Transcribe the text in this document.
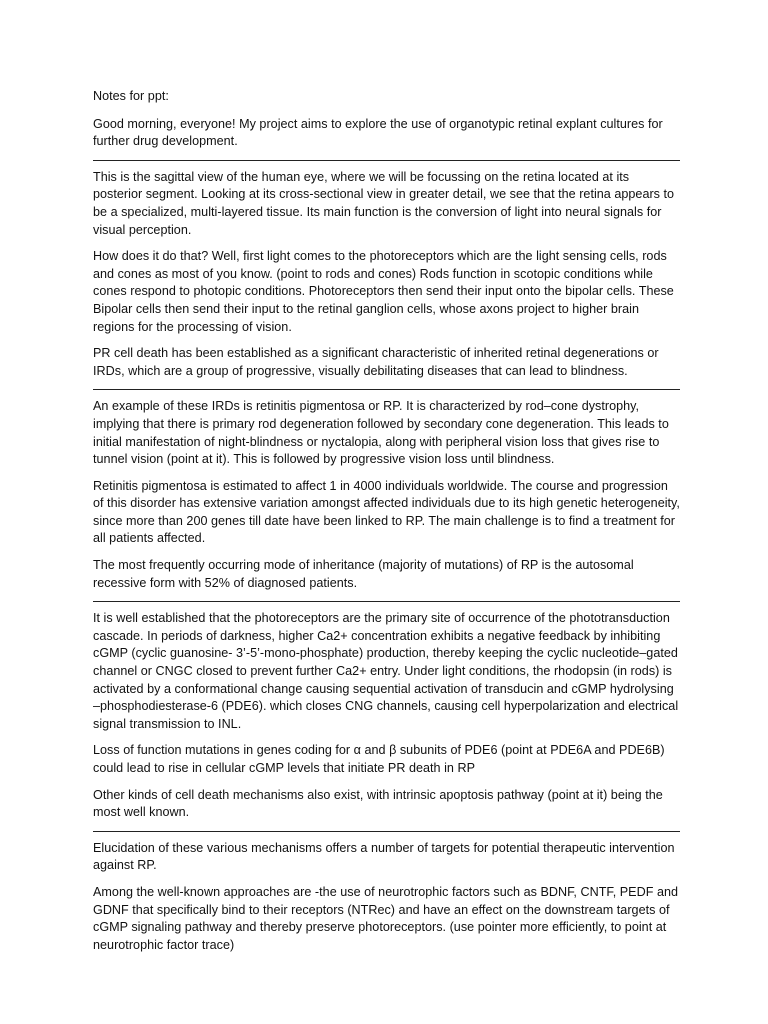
Notes for ppt:

Good morning, everyone! My project aims to explore the use of organotypic retinal explant cultures for further drug development.

This is the sagittal view of the human eye, where we will be focussing on the retina located at its posterior segment. Looking at its cross-sectional view in greater detail, we see that the retina appears to be a specialized, multi-layered tissue. Its main function is the conversion of light into neural signals for visual perception.

How does it do that? Well, first light comes to the photoreceptors which are the light sensing cells, rods and cones as most of you know. (point to rods and cones) Rods function in scotopic conditions while cones respond to photopic conditions. Photoreceptors then send their input onto the bipolar cells. These Bipolar cells then send their input to the retinal ganglion cells, whose axons project to higher brain regions for the processing of vision.

PR cell death has been established as a significant characteristic of inherited retinal degenerations or IRDs, which are a group of progressive, visually debilitating diseases that can lead to blindness.

An example of these IRDs is retinitis pigmentosa or RP. It is characterized by rod–cone dystrophy, implying that there is primary rod degeneration followed by secondary cone degeneration. This leads to initial manifestation of night-blindness or nyctalopia, along with peripheral vision loss that gives rise to tunnel vision (point at it). This is followed by progressive vision loss until blindness.

Retinitis pigmentosa is estimated to affect 1 in 4000 individuals worldwide. The course and progression of this disorder has extensive variation amongst affected individuals due to its high genetic heterogeneity, since more than 200 genes till date have been linked to RP. The main challenge is to find a treatment for all patients affected.

The most frequently occurring mode of inheritance (majority of mutations) of RP is the autosomal recessive form with 52% of diagnosed patients.

It is well established that the photoreceptors are the primary site of occurrence of the phototransduction cascade. In periods of darkness, higher Ca2+ concentration exhibits a negative feedback by inhibiting cGMP (cyclic guanosine- 3’-5’-mono-phosphate) production, thereby keeping the cyclic nucleotide–gated channel or CNGC closed to prevent further Ca2+ entry. Under light conditions, the rhodopsin (in rods) is activated by a conformational change causing sequential activation of transducin and cGMP hydrolysing –phosphodiesterase-6 (PDE6). which closes CNG channels, causing cell hyperpolarization and electrical signal transmission to INL.

Loss of function mutations in genes coding for α and β subunits of PDE6 (point at PDE6A and PDE6B) could lead to rise in cellular cGMP levels that initiate PR death in RP

Other kinds of cell death mechanisms also exist, with intrinsic apoptosis pathway (point at it) being the most well known.

Elucidation of these various mechanisms offers a number of targets for potential therapeutic intervention against RP.

Among the well-known approaches are -the use of neurotrophic factors such as BDNF, CNTF, PEDF and GDNF that specifically bind to their receptors (NTRec) and have an effect on the downstream targets of cGMP signaling pathway and thereby preserve photoreceptors. (use pointer more efficiently, to point at neurotrophic factor trace)
